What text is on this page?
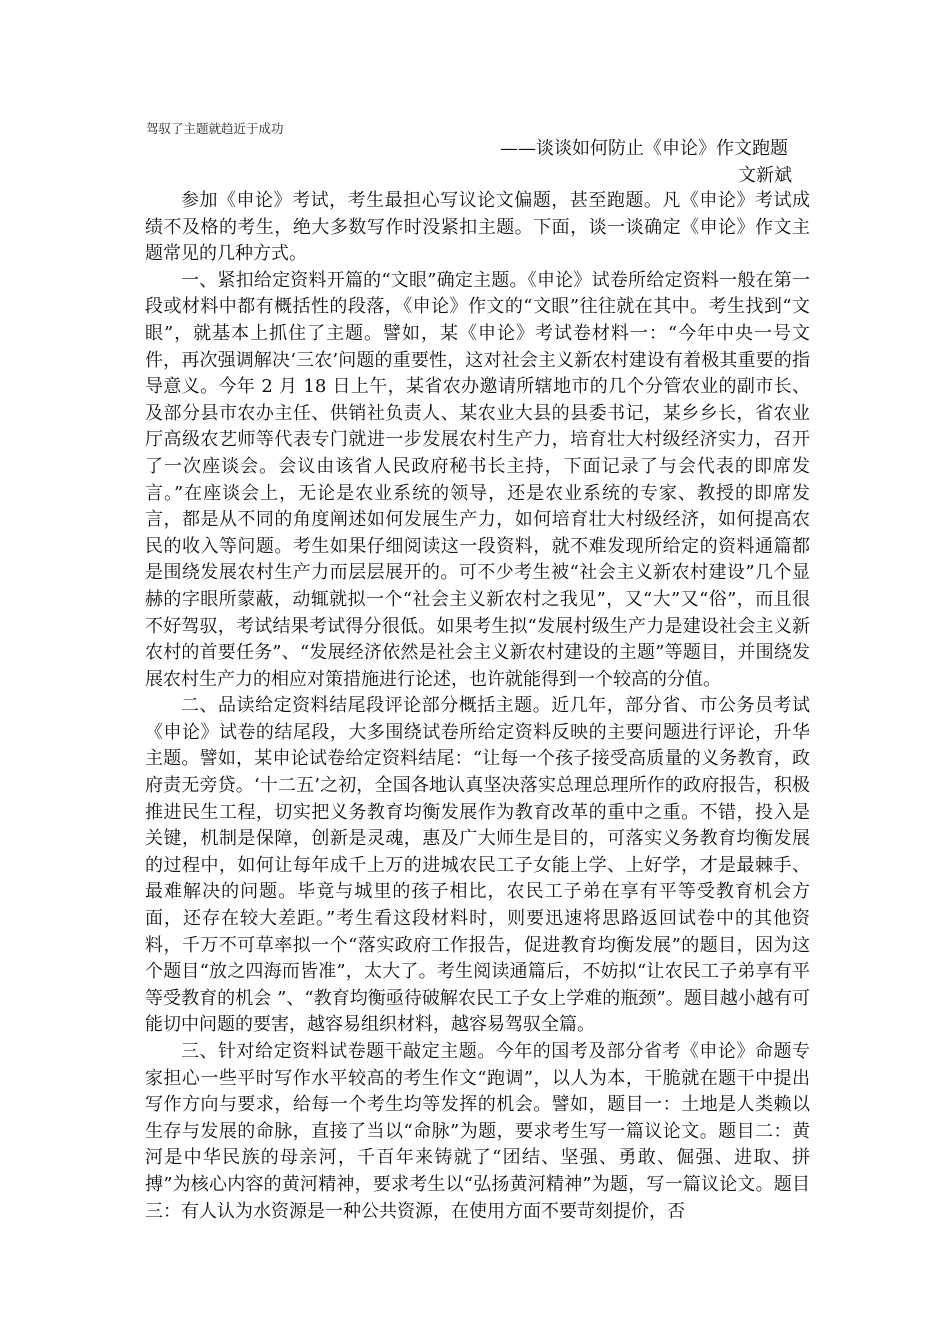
驾驭了主题就趋近于成功
——谈谈如何防止《申论》作文跑题
文新斌

参加《申论》考试，考生最担心写议论文偏题，甚至跑题。凡《申论》考试成绩不及格的考生，绝大多数写作时没紧扣主题。下面，谈一谈确定《申论》作文主题常见的几种方式。

一、紧扣给定资料开篇的“文眼”确定主题。《申论》试卷所给定资料一般在第一段或材料中都有概括性的段落，《申论》作文的“文眼”往往就在其中。考生找到“文眼”，就基本上抓住了主题。譬如，某《申论》考试卷材料一：“今年中央一号文件，再次强调解决‘三农’问题的重要性，这对社会主义新农村建设有着极其重要的指导意义。今年 2 月 18 日上午，某省农办邀请所辖地市的几个分管农业的副市长、及部分县市农办主任、供销社负责人、某农业大县的县委书记，某乡乡长，省农业厅高级农艺师等代表专门就进一步发展农村生产力，培育壮大村级经济实力，召开了一次座谈会。会议由该省人民政府秘书长主持，下面记录了与会代表的即席发言。”在座谈会上，无论是农业系统的领导，还是农业系统的专家、教授的即席发言，都是从不同的角度阐述如何发展生产力，如何培育壮大村级经济，如何提高农民的收入等问题。考生如果仔细阅读这一段资料，就不难发现所给定的资料通篇都是围绕发展农村生产力而层层展开的。可不少考生被“社会主义新农村建设”几个显赫的字眼所蒙蔽，动辄就拟一个“社会主义新农村之我见”，又“大”又“俗”，而且很不好驾驭，考试结果考试得分很低。如果考生拟“发展村级生产力是建设社会主义新农村的首要任务”、“发展经济依然是社会主义新农村建设的主题”等题目，并围绕发展农村生产力的相应对策措施进行论述，也许就能得到一个较高的分值。

二、品读给定资料结尾段评论部分概括主题。近几年，部分省、市公务员考试《申论》试卷的结尾段，大多围绕试卷所给定资料反映的主要问题进行评论，升华主题。譬如，某申论试卷给定资料结尾：“让每一个孩子接受高质量的义务教育，政府责无旁贷。‘十二五’之初，全国各地认真坚决落实总理总理所作的政府报告，积极推进民生工程，切实把义务教育均衡发展作为教育改革的重中之重。不错，投入是关键，机制是保障，创新是灵魂，惠及广大师生是目的，可落实义务教育均衡发展的过程中，如何让每年成千上万的进城农民工子女能上学、上好学，才是最棘手、最难解决的问题。毕竟与城里的孩子相比，农民工子弟在享有平等受教育机会方面，还存在较大差距。”考生看这段材料时，则要迅速将思路返回试卷中的其他资料，千万不可草率拟一个“落实政府工作报告，促进教育均衡发展”的题目，因为这个题目“放之四海而皆准”，太大了。考生阅读通篇后，不妨拟“让农民工子弟享有平等受教育的机会 ”、“教育均衡亟待破解农民工子女上学难的瓶颈”。题目越小越有可能切中问题的要害，越容易组织材料，越容易驾驭全篇。

三、针对给定资料试卷题干敲定主题。今年的国考及部分省考《申论》命题专家担心一些平时写作水平较高的考生作文“跑调”，以人为本，干脆就在题干中提出写作方向与要求，给每一个考生均等发挥的机会。譬如，题目一：土地是人类赖以生存与发展的命脉，直接了当以“命脉”为题，要求考生写一篇议论文。题目二：黄河是中华民族的母亲河，千百年来铸就了“团结、坚强、勇敢、倔强、进取、拼搏”为核心内容的黄河精神，要求考生以“弘扬黄河精神”为题，写一篇议论文。题目三：有人认为水资源是一种公共资源，在使用方面不要苛刻提价，否
